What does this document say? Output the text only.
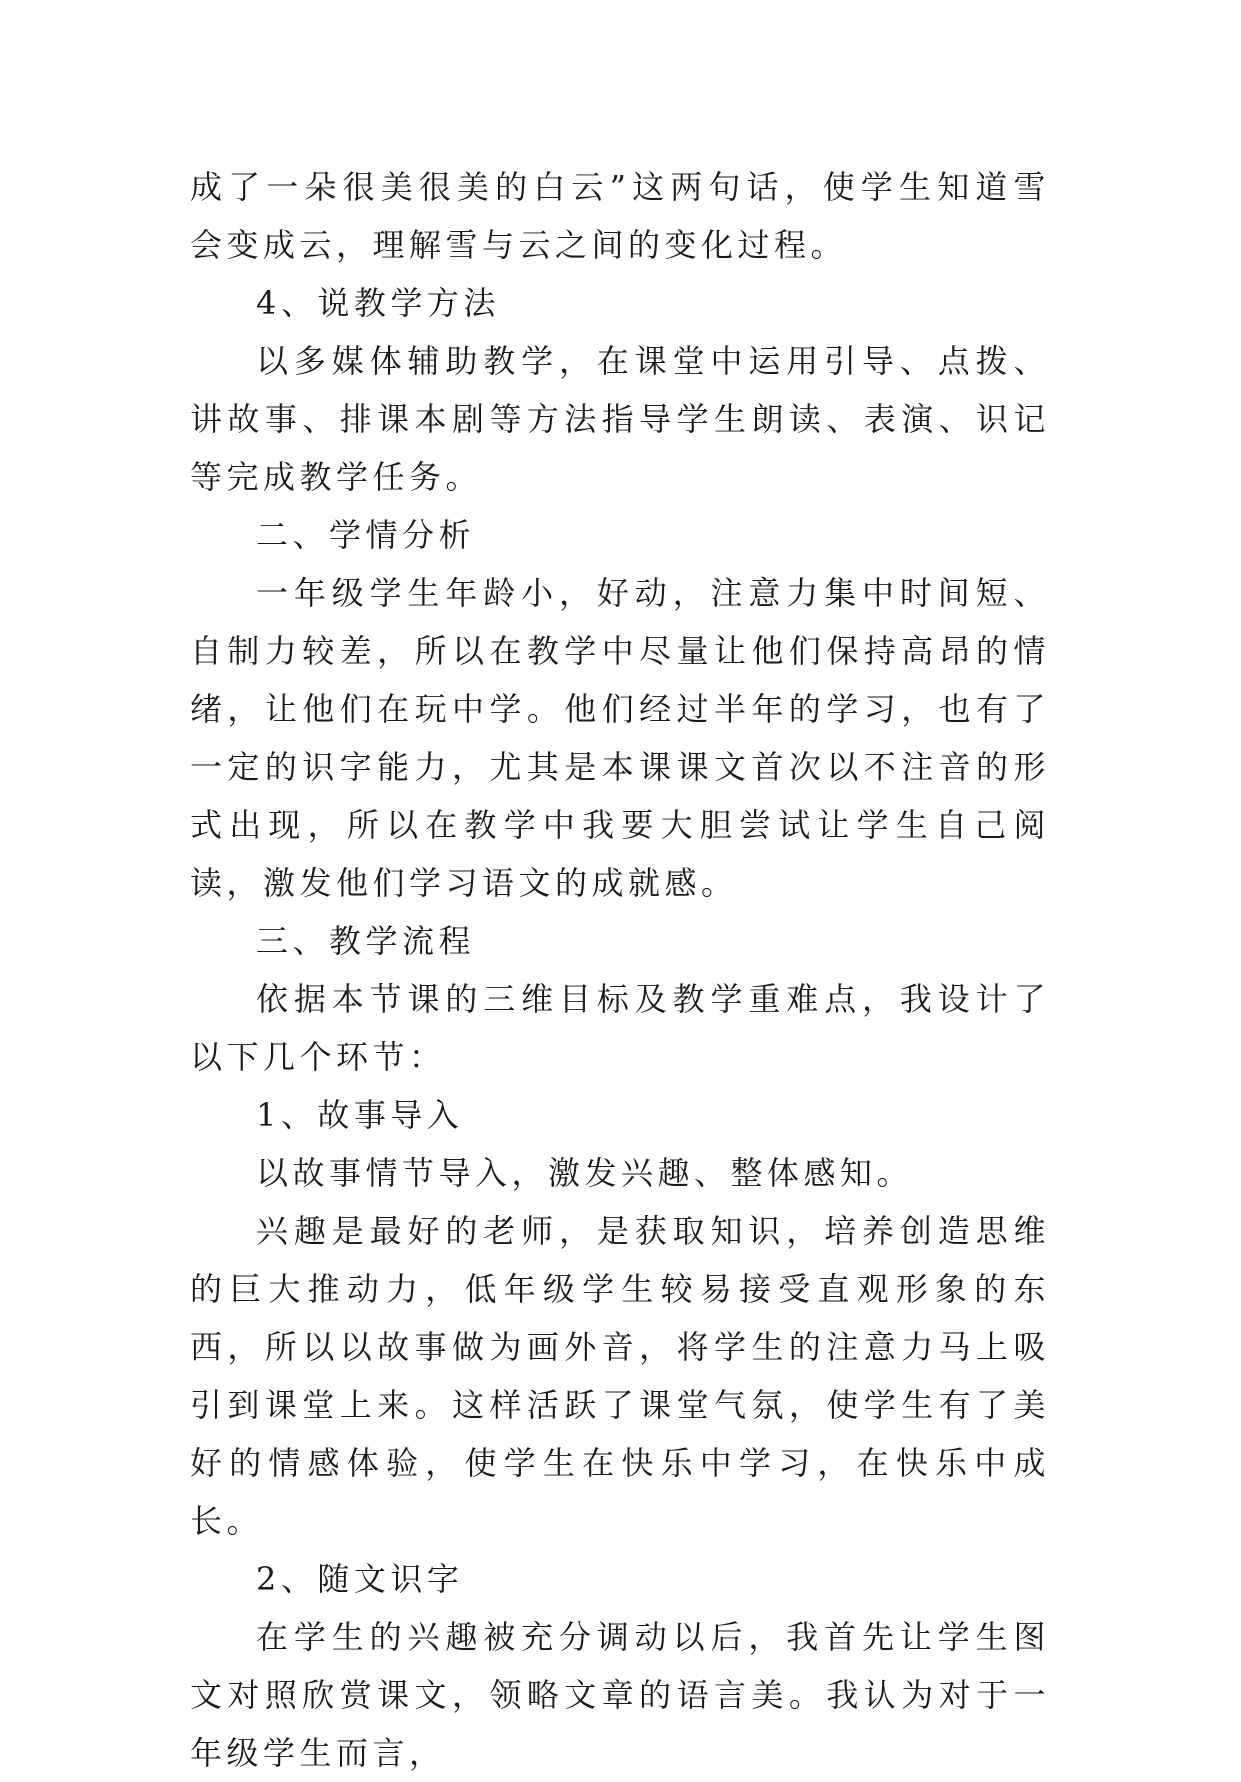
成了一朵很美很美的白云”这两句话，使学生知道雪会变成云，理解雪与云之间的变化过程。

4、说教学方法

以多媒体辅助教学，在课堂中运用引导、点拨、讲故事、排课本剧等方法指导学生朗读、表演、识记等完成教学任务。

二、学情分析

一年级学生年龄小，好动，注意力集中时间短、自制力较差，所以在教学中尽量让他们保持高昂的情绪，让他们在玩中学。他们经过半年的学习，也有了一定的识字能力，尤其是本课课文首次以不注音的形式出现，所以在教学中我要大胆尝试让学生自己阅读，激发他们学习语文的成就感。

三、教学流程

依据本节课的三维目标及教学重难点，我设计了以下几个环节：

1、故事导入

以故事情节导入，激发兴趣、整体感知。

兴趣是最好的老师，是获取知识，培养创造思维的巨大推动力，低年级学生较易接受直观形象的东西，所以以故事做为画外音，将学生的注意力马上吸引到课堂上来。这样活跃了课堂气氛，使学生有了美好的情感体验，使学生在快乐中学习，在快乐中成长。

2、随文识字

在学生的兴趣被充分调动以后，我首先让学生图文对照欣赏课文，领略文章的语言美。我认为对于一年级学生而言，
